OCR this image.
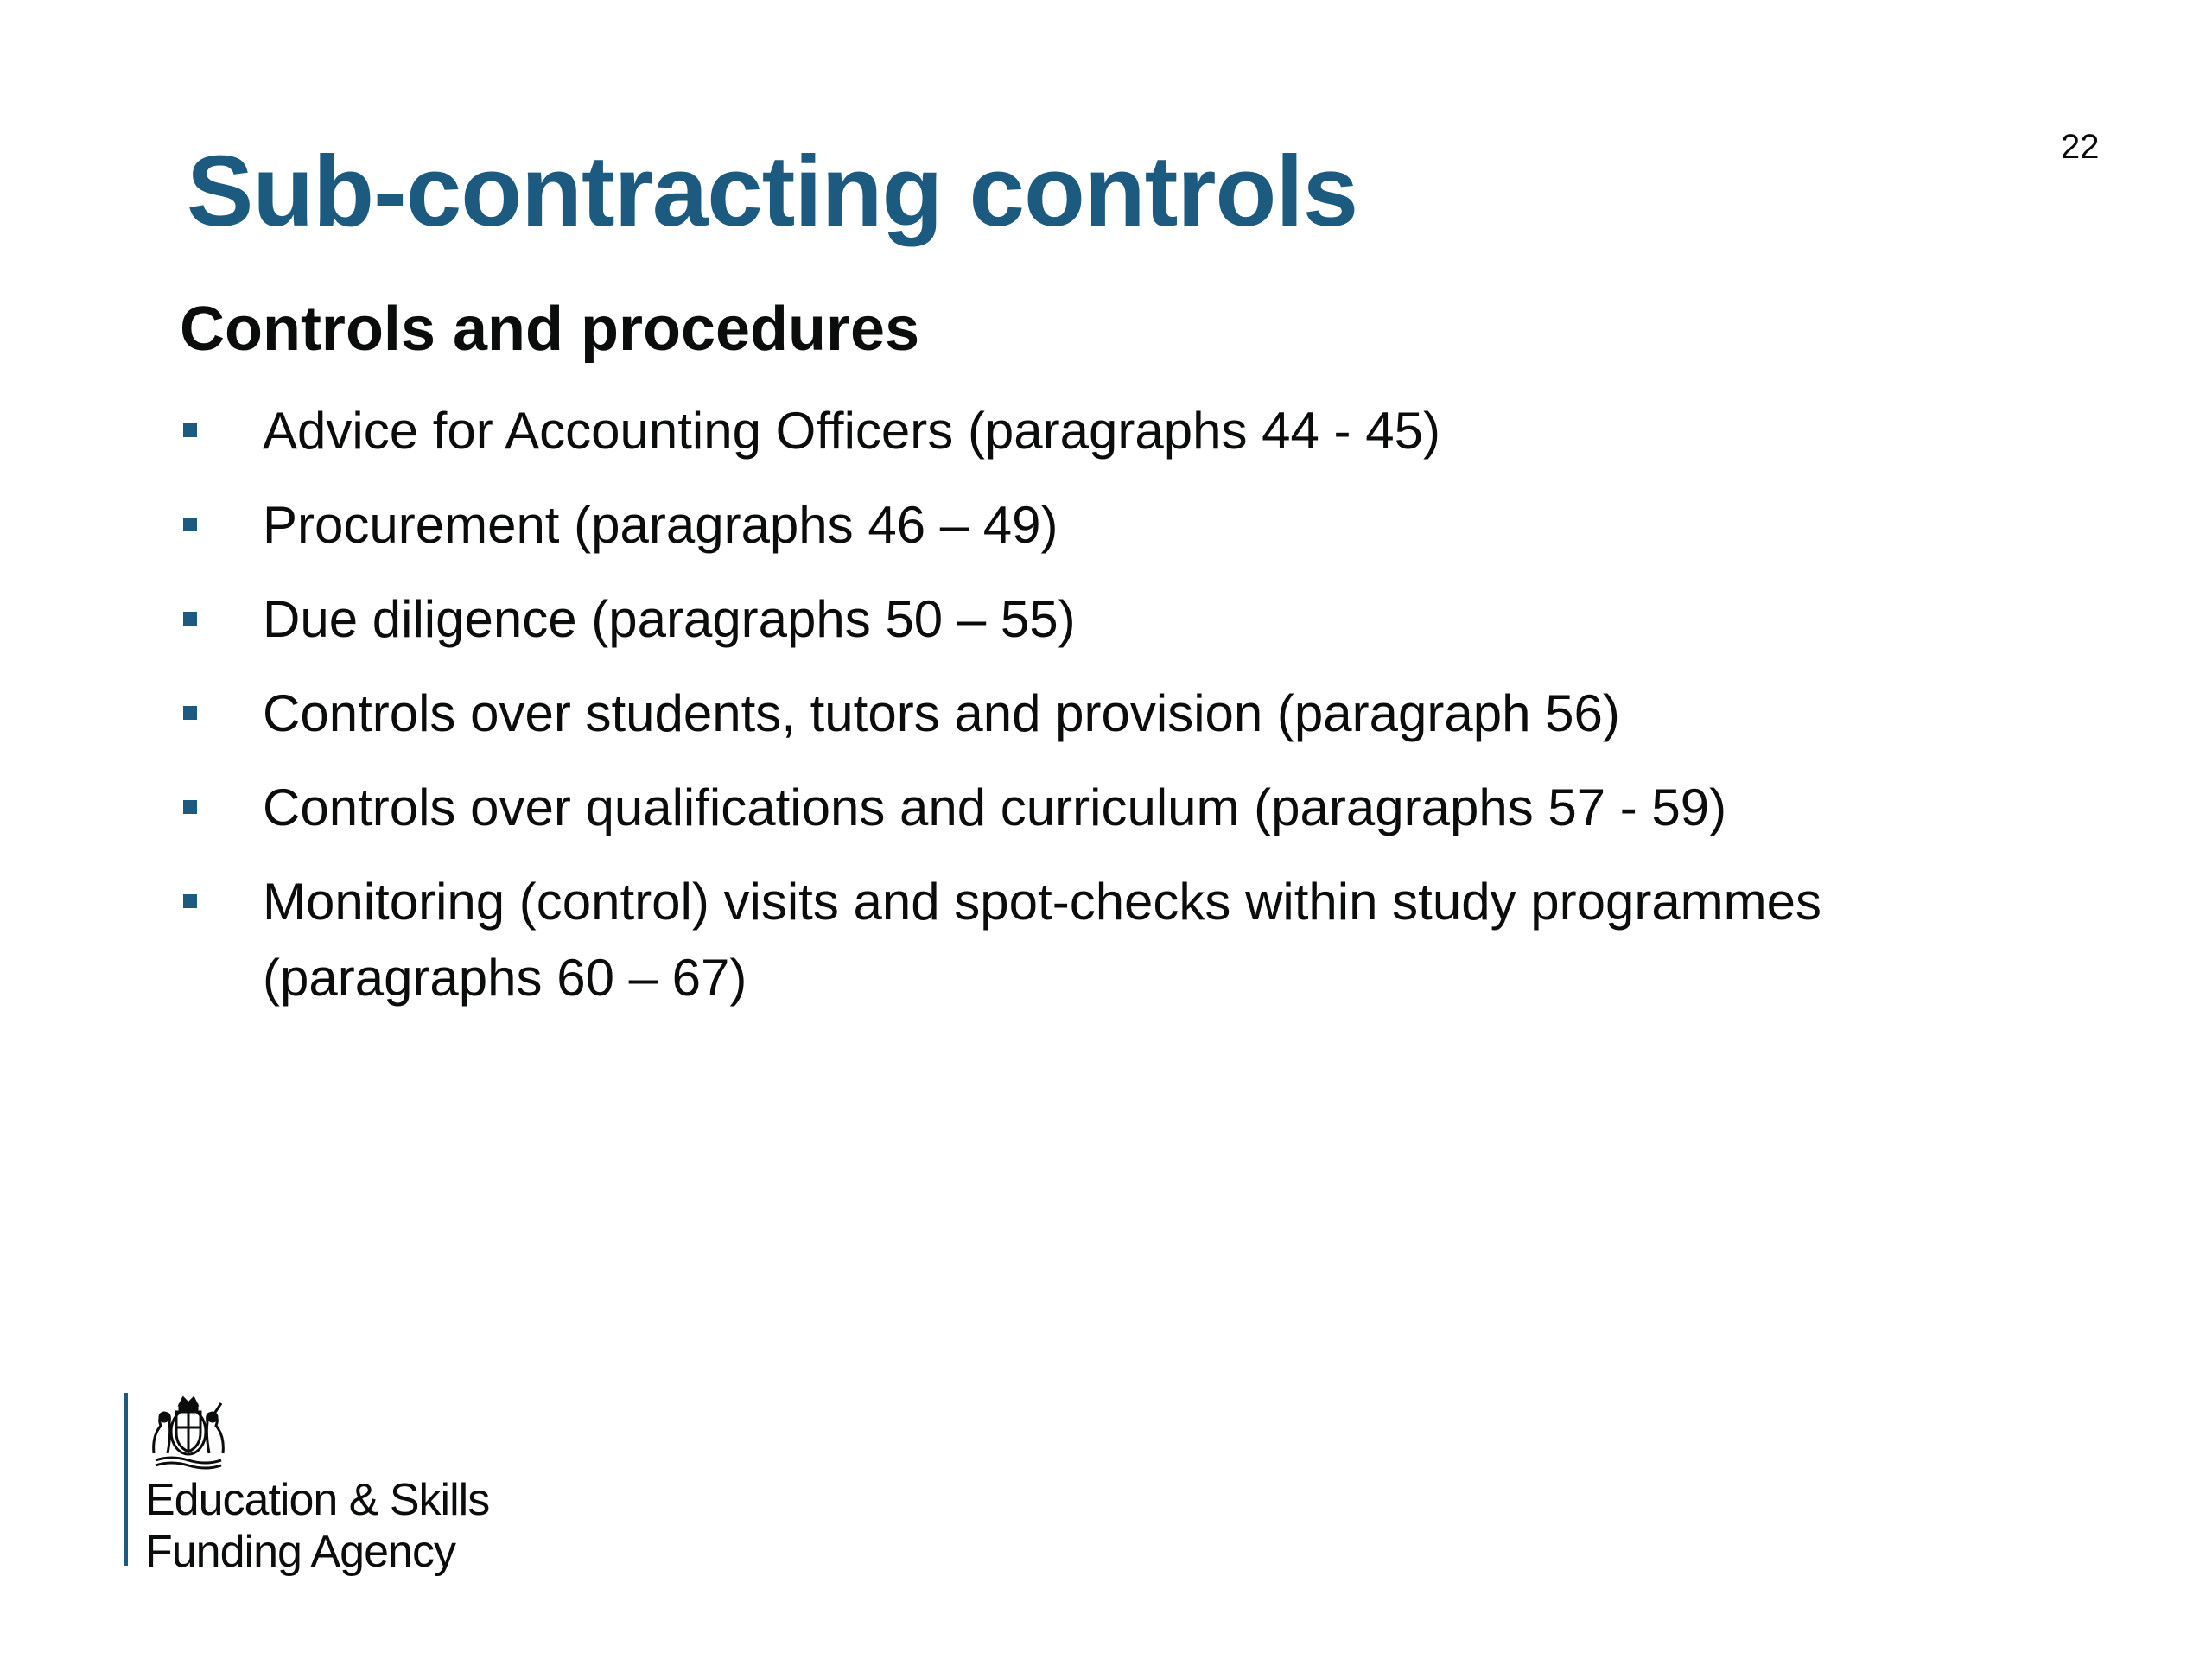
22
Sub-contracting controls
Controls and procedures
Advice for Accounting Officers (paragraphs 44 - 45)
Procurement (paragraphs 46 – 49)
Due diligence (paragraphs 50 – 55)
Controls over students, tutors and provision (paragraph 56)
Controls over qualifications and curriculum (paragraphs 57 - 59)
Monitoring (control) visits and spot-checks within study programmes (paragraphs 60 – 67)
Education & Skills
Funding Agency
